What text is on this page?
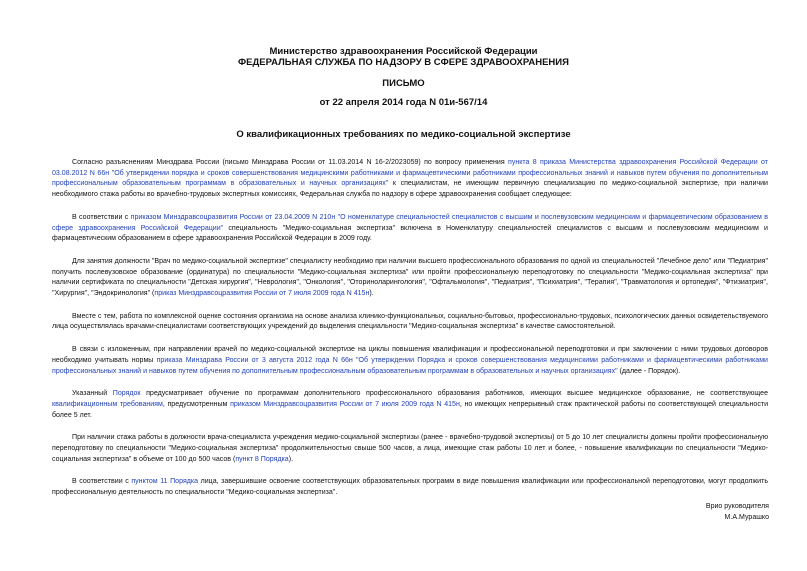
Министерство здравоохранения Российской Федерации
ФЕДЕРАЛЬНАЯ СЛУЖБА ПО НАДЗОРУ В СФЕРЕ ЗДРАВООХРАНЕНИЯ
ПИСЬМО
от 22 апреля 2014 года N 01и-567/14
О квалификационных требованиях по медико-социальной экспертизе

Согласно разъяснениям Минздрава России (письмо Минздрава России от 11.03.2014 N 16-2/2023059) по вопросу применения пункта 8 приказа Министерства здравоохранения Российской Федерации от 03.08.2012 N 66н "Об утверждении порядка и сроков совершенствования медицинскими работниками и фармацевтическими работниками профессиональных знаний и навыков путем обучения по дополнительным профессиональным образовательным программам в образовательных и научных организациях" к специалистам, не имеющим первичную специализацию по медико-социальной экспертизе, при наличии необходимого стажа работы во врачебно-трудовых экспертных комиссиях, Федеральная служба по надзору в сфере здравоохранения сообщает следующее:

В соответствии с приказом Минздравсоцразвития России от 23.04.2009 N 210н "О номенклатуре специальностей специалистов с высшим и послевузовским медицинским и фармацевтическим образованием в сфере здравоохранения Российской Федерации" специальность "Медико-социальная экспертиза" включена в Номенклатуру специальностей специалистов с высшим и послевузовским медицинским и фармацевтическим образованием в сфере здравоохранения Российской Федерации в 2009 году.

Для занятия должности "Врач по медико-социальной экспертизе" специалисту необходимо при наличии высшего профессионального образования по одной из специальностей "Лечебное дело" или "Педиатрия" получить послевузовское образование (ординатура) по специальности "Медико-социальная экспертиза" или пройти профессиональную переподготовку по специальности "Медико-социальная экспертиза" при наличии сертификата по специальности "Детская хирургия", "Неврология", "Онкология", "Оториноларингология", "Офтальмология", "Педиатрия", "Психиатрия", "Терапия", "Травматология и ортопедия", "Фтизиатрия", "Хирургия", "Эндокринология" (приказ Минздравсоцразвития России от 7 июля 2009 года N 415н).

Вместе с тем, работа по комплексной оценке состояния организма на основе анализа клинико-функциональных, социально-бытовых, профессионально-трудовых, психологических данных освидетельствуемого лица осуществлялась врачами-специалистами соответствующих учреждений до выделения специальности "Медико-социальная экспертиза" в качестве самостоятельной.

В связи с изложенным, при направлении врачей по медико-социальной экспертизе на циклы повышения квалификации и профессиональной переподготовки и при заключении с ними трудовых договоров необходимо учитывать нормы приказа Минздрава России от 3 августа 2012 года N 66н "Об утверждении Порядка и сроков совершенствования медицинскими работниками и фармацевтическими работниками профессиональных знаний и навыков путем обучения по дополнительным профессиональным образовательным программам в образовательных и научных организациях" (далее - Порядок).

Указанный Порядок предусматривает обучение по программам дополнительного профессионального образования работников, имеющих высшее медицинское образование, не соответствующее квалификационным требованиям, предусмотренным приказом Минздравсоцразвития России от 7 июля 2009 года N 415н, но имеющих непрерывный стаж практической работы по соответствующей специальности более 5 лет.

При наличии стажа работы в должности врача-специалиста учреждения медико-социальной экспертизы (ранее - врачебно-трудовой экспертизы) от 5 до 10 лет специалисты должны пройти профессиональную переподготовку по специальности "Медико-социальная экспертиза" продолжительностью свыше 500 часов, а лица, имеющие стаж работы 10 лет и более, - повышение квалификации по специальности "Медико-социальная экспертиза" в объеме от 100 до 500 часов (пункт 8 Порядка).

В соответствии с пунктом 11 Порядка лица, завершившие освоение соответствующих образовательных программ в виде повышения квалификации или профессиональной переподготовки, могут продолжить профессиональную деятельность по специальности "Медико-социальная экспертиза".

Врио руководителя
М.А.Мурашко
